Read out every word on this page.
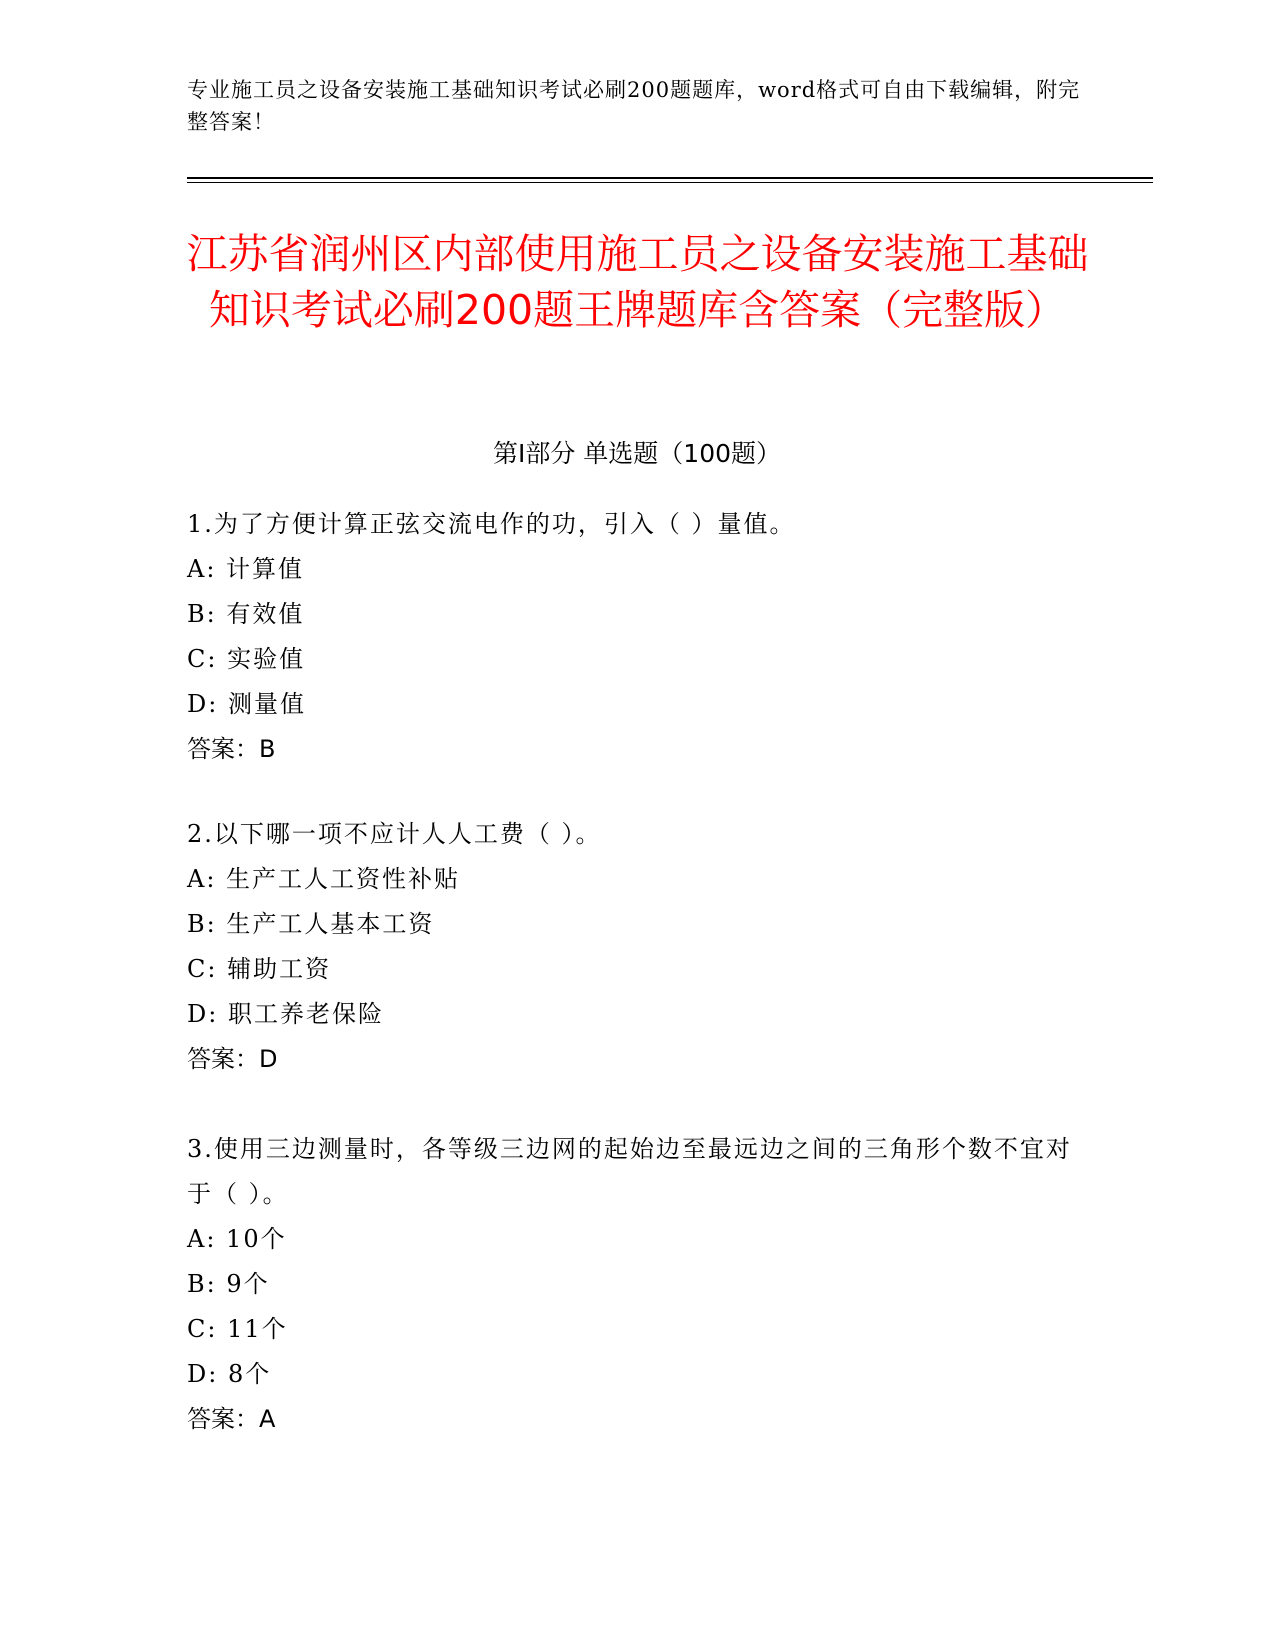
专业施工员之设备安装施工基础知识考试必刷200题题库，word格式可自由下载编辑，附完整答案！
江苏省润州区内部使用施工员之设备安装施工基础知识考试必刷200题王牌题库含答案（完整版）
第I部分 单选题（100题）
1.为了方便计算正弦交流电作的功，引入（ ）量值。
A: 计算值
B: 有效值
C: 实验值
D: 测量值
答案：B
2.以下哪一项不应计人人工费（ ）。
A: 生产工人工资性补贴
B: 生产工人基本工资
C: 辅助工资
D: 职工养老保险
答案：D
3.使用三边测量时，各等级三边网的起始边至最远边之间的三角形个数不宜对于（ ）。
A: 10个
B: 9个
C: 11个
D: 8个
答案：A
